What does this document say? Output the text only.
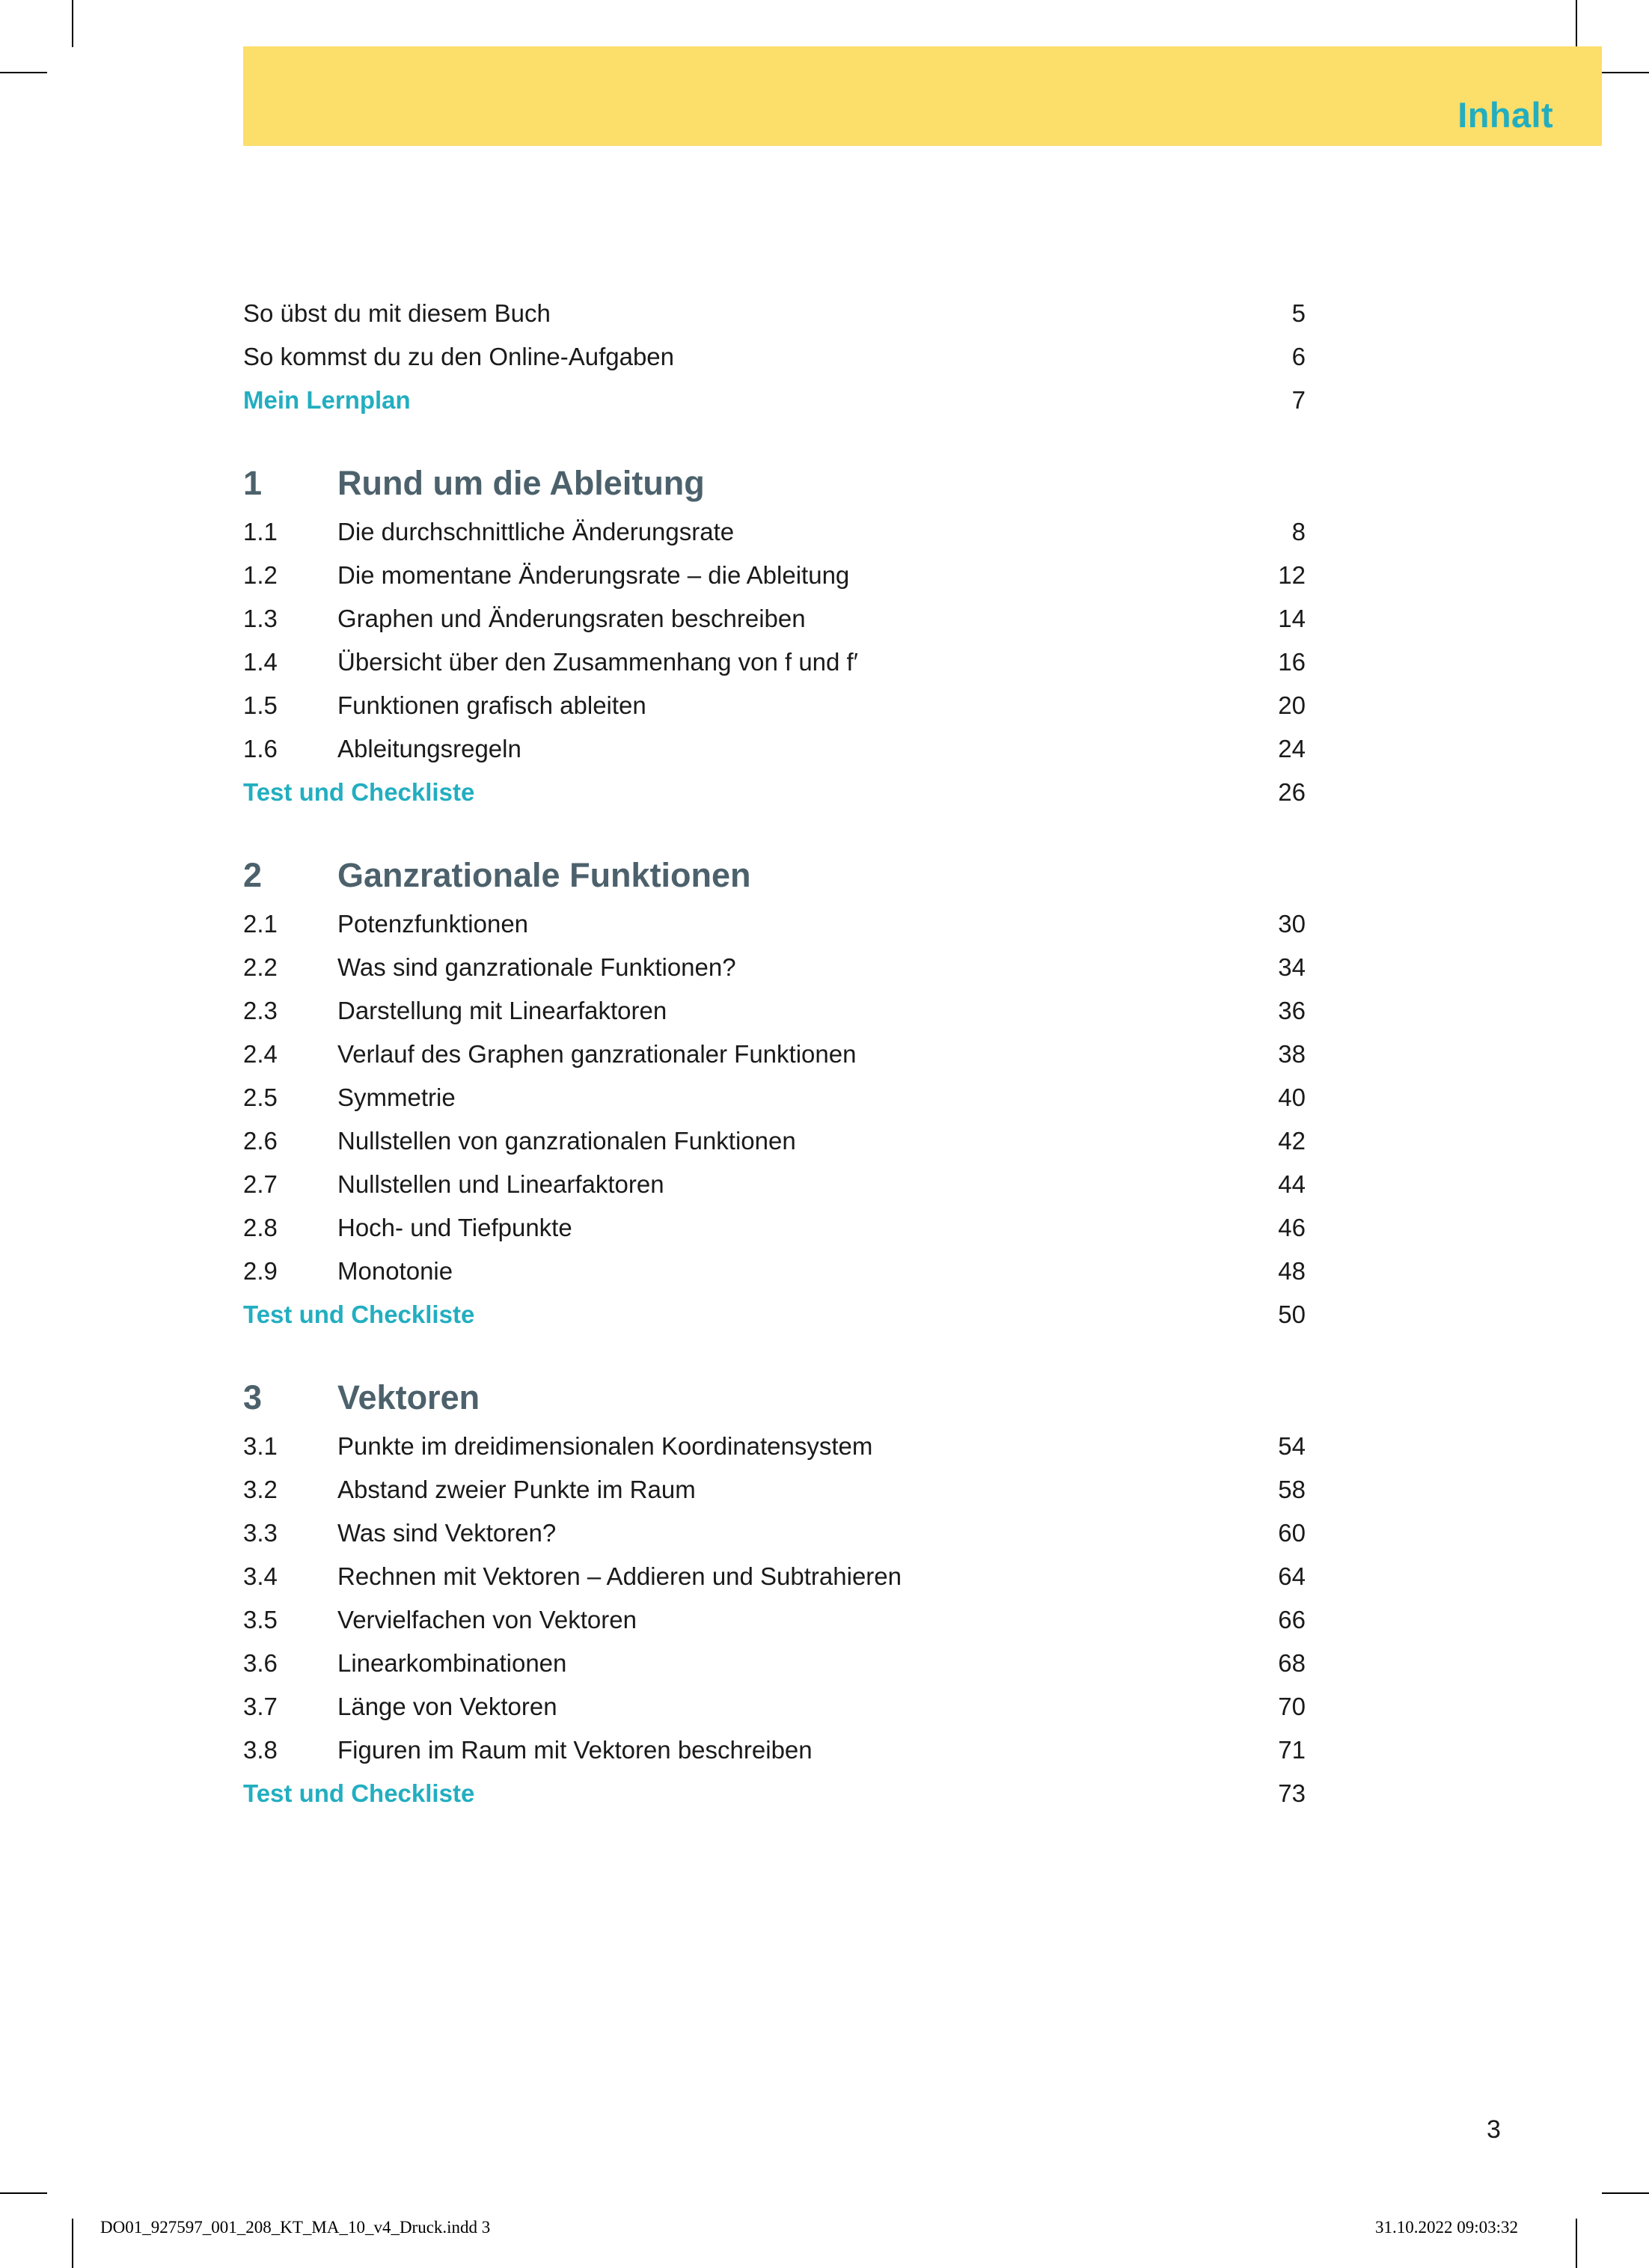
Inhalt
So übst du mit diesem Buch	5
So kommst du zu den Online-Aufgaben	6
Mein Lernplan	7
1	Rund um die Ableitung
1.1	Die durchschnittliche Änderungsrate	8
1.2	Die momentane Änderungsrate – die Ableitung	12
1.3	Graphen und Änderungsraten beschreiben	14
1.4	Übersicht über den Zusammenhang von f und f′	16
1.5	Funktionen grafisch ableiten	20
1.6	Ableitungsregeln	24
Test und Checkliste	26
2	Ganzrationale Funktionen
2.1	Potenzfunktionen	30
2.2	Was sind ganzrationale Funktionen?	34
2.3	Darstellung mit Linearfaktoren	36
2.4	Verlauf des Graphen ganzrationaler Funktionen	38
2.5	Symmetrie	40
2.6	Nullstellen von ganzrationalen Funktionen	42
2.7	Nullstellen und Linearfaktoren	44
2.8	Hoch- und Tiefpunkte	46
2.9	Monotonie	48
Test und Checkliste	50
3	Vektoren
3.1	Punkte im dreidimensionalen Koordinatensystem	54
3.2	Abstand zweier Punkte im Raum	58
3.3	Was sind Vektoren?	60
3.4	Rechnen mit Vektoren – Addieren und Subtrahieren	64
3.5	Vervielfachen von Vektoren	66
3.6	Linearkombinationen	68
3.7	Länge von Vektoren	70
3.8	Figuren im Raum mit Vektoren beschreiben	71
Test und Checkliste	73
3
DO01_927597_001_208_KT_MA_10_v4_Druck.indd 3	31.10.2022 09:03:32
